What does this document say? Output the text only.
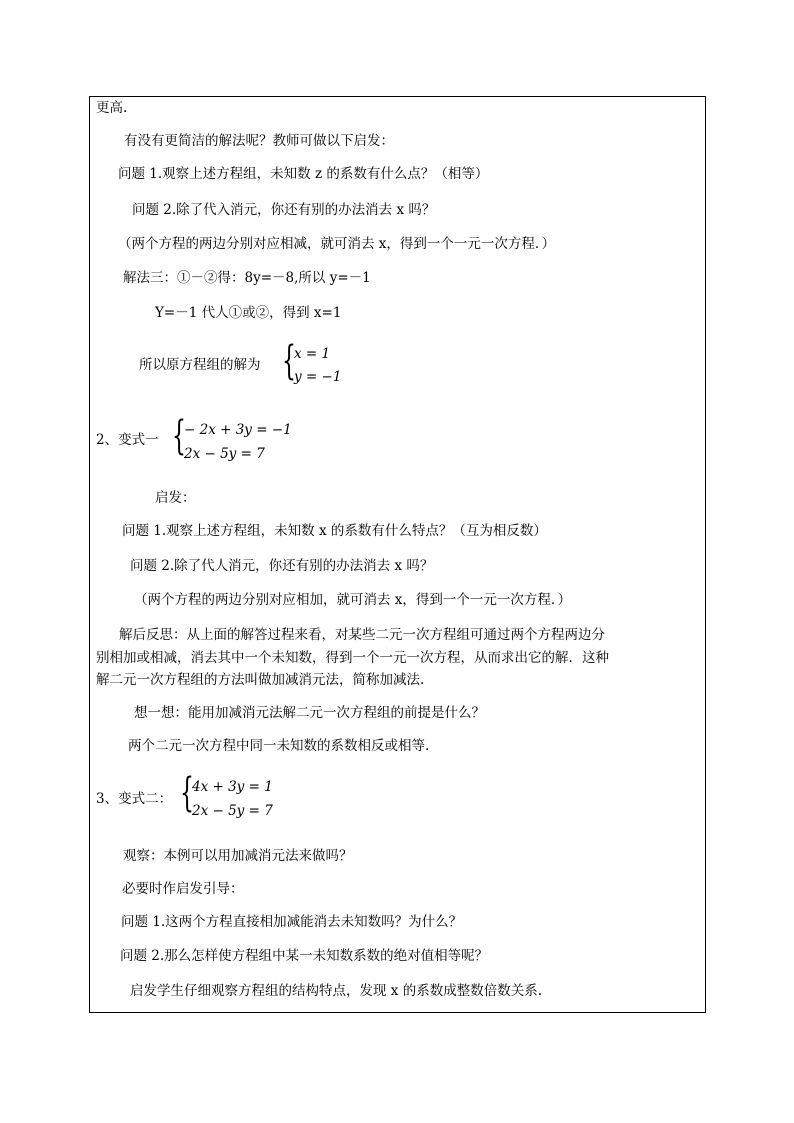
更高.
有没有更简洁的解法呢？教师可做以下启发：
问题 1.观察上述方程组，未知数 z 的系数有什么点？（相等）
问题 2.除了代入消元，你还有别的办法消去 x 吗？
（两个方程的两边分别对应相减，就可消去 x，得到一个一元一次方程．）
解法三：①－②得：8y=－8,所以 y=－1
Y=－1 代人①或②，得到 x=1
所以原方程组的解为 {
x = 1
y = −1
2、变式一 {
− 2x + 3y = −1
2x − 5y = 7
启发：
问题 1.观察上述方程组，未知数 x 的系数有什么特点？（互为相反数）
问题 2.除了代人消元，你还有别的办法消去 x 吗？
（两个方程的两边分别对应相加，就可消去 x，得到一个一元一次方程．）
解后反思：从上面的解答过程来看，对某些二元一次方程组可通过两个方程两边分
别相加或相减，消去其中一个未知数，得到一个一元一次方程，从而求出它的解．这种
解二元一次方程组的方法叫做加减消元法，简称加减法.
想一想：能用加减消元法解二元一次方程组的前提是什么？
两个二元一次方程中同一未知数的系数相反或相等.
3、变式二： {
4x + 3y = 1
2x − 5y = 7
观察：本例可以用加减消元法来做吗？
必要时作启发引导：
问题 1.这两个方程直接相加减能消去未知数吗？为什么？
问题 2.那么怎样使方程组中某一未知数系数的绝对值相等呢？
启发学生仔细观察方程组的结构特点，发现 x 的系数成整数倍数关系.
